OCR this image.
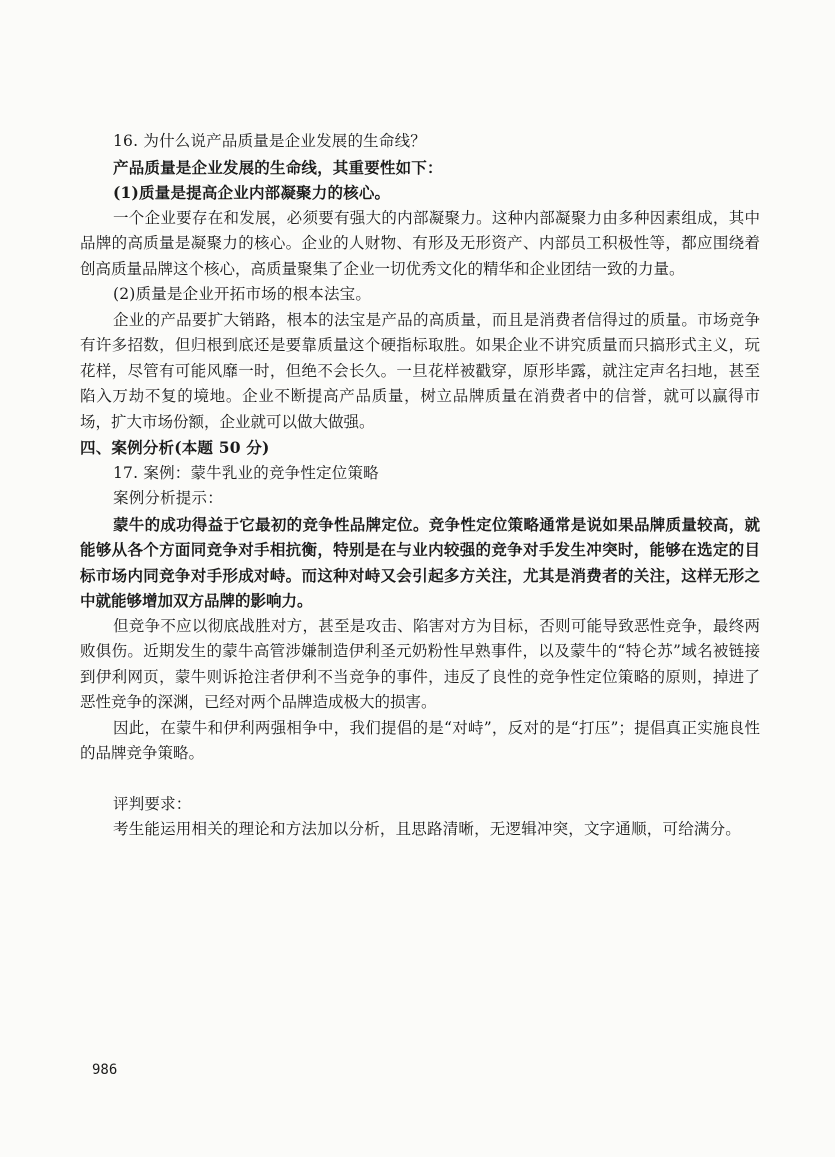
16. 为什么说产品质量是企业发展的生命线？
产品质量是企业发展的生命线，其重要性如下：
(1)质量是提高企业内部凝聚力的核心。
一个企业要存在和发展，必须要有强大的内部凝聚力。这种内部凝聚力由多种因素组成，其中品牌的高质量是凝聚力的核心。企业的人财物、有形及无形资产、内部员工积极性等，都应围绕着创高质量品牌这个核心，高质量聚集了企业一切优秀文化的精华和企业团结一致的力量。
(2)质量是企业开拓市场的根本法宝。
企业的产品要扩大销路，根本的法宝是产品的高质量，而且是消费者信得过的质量。市场竞争有许多招数，但归根到底还是要靠质量这个硬指标取胜。如果企业不讲究质量而只搞形式主义，玩花样，尽管有可能风靡一时，但绝不会长久。一旦花样被戳穿，原形毕露，就注定声名扫地，甚至陷入万劫不复的境地。企业不断提高产品质量，树立品牌质量在消费者中的信誉，就可以赢得市场，扩大市场份额，企业就可以做大做强。
四、案例分析(本题 50 分)
17. 案例：蒙牛乳业的竞争性定位策略
案例分析提示：
蒙牛的成功得益于它最初的竞争性品牌定位。竞争性定位策略通常是说如果品牌质量较高，就能够从各个方面同竞争对手相抗衡，特别是在与业内较强的竞争对手发生冲突时，能够在选定的目标市场内同竞争对手形成对峙。而这种对峙又会引起多方关注，尤其是消费者的关注，这样无形之中就能够增加双方品牌的影响力。
但竞争不应以彻底战胜对方，甚至是攻击、陷害对方为目标，否则可能导致恶性竞争，最终两败俱伤。近期发生的蒙牛高管涉嫌制造伊利圣元奶粉性早熟事件，以及蒙牛的“特仑苏”域名被链接到伊利网页，蒙牛则诉抢注者伊利不当竞争的事件，违反了良性的竞争性定位策略的原则，掉进了恶性竞争的深渊，已经对两个品牌造成极大的损害。
因此，在蒙牛和伊利两强相争中，我们提倡的是“对峙”，反对的是“打压”；提倡真正实施良性的品牌竞争策略。
评判要求：
考生能运用相关的理论和方法加以分析，且思路清晰，无逻辑冲突，文字通顺，可给满分。
986
